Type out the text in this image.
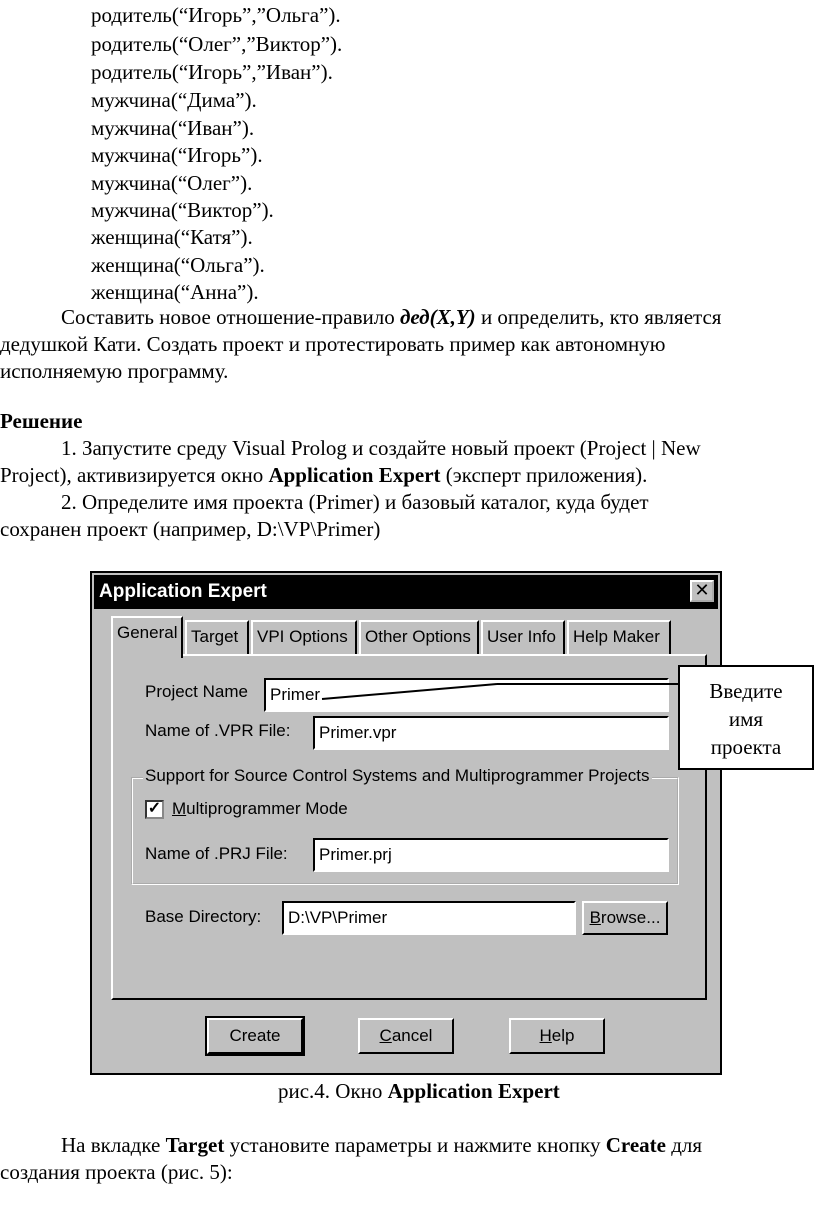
родитель(“Игорь”,”Ольга”).
родитель(“Олег”,”Виктор”).
родитель(“Игорь”,”Иван”).
мужчина(“Дима”).
мужчина(“Иван”).
мужчина(“Игорь”).
мужчина(“Олег”).
мужчина(“Виктор”).
женщина(“Катя”).
женщина(“Ольга”).
женщина(“Анна”).
Составить новое отношение-правило дед(X,Y) и определить, кто является
дедушкой Кати. Создать проект и протестировать пример как автономную
исполняемую программу.
Решение
1. Запустите среду Visual Prolog и создайте новый проект (Project | New
Project), активизируется окно Application Expert (эксперт приложения).
2. Определите имя проекта (Primer) и базовый каталог, куда будет
сохранен проект (например, D:\VP\Primer)
Application Expert	✕
General Target	VPI Options	Other Options User Info	Help Maker
Project Name	Primer
Name of .VPR File:	Primer.vpr
Support for Source Control Systems and Multiprogrammer Projects
✓ Multiprogrammer Mode
Name of .PRJ File:	Primer.prj
Base Directory:	D:\VP\Primer	Browse...
Create	Cancel	Help
Введите
имя
проекта
рис.4. Окно Application Expert
На вкладке Target установите параметры и нажмите кнопку Create для
создания проекта (рис. 5):
